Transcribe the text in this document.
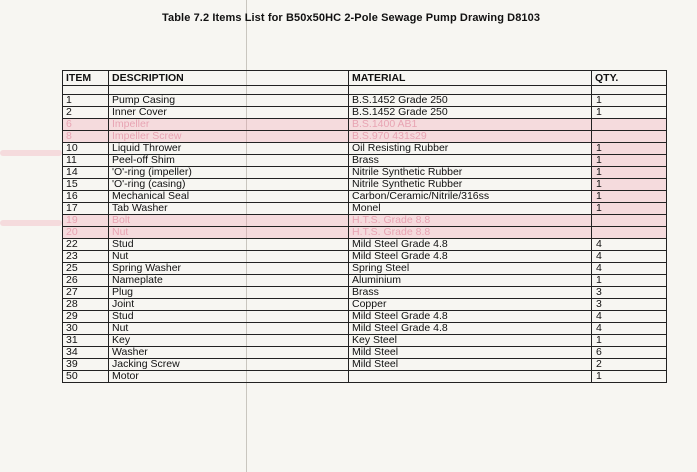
Table 7.2 Items List for B50x50HC 2-Pole Sewage Pump Drawing D8103
ITEM	DESCRIPTION	MATERIAL	QTY.

1	Pump Casing	B.S.1452 Grade 250	1
2	Inner Cover	B.S.1452 Grade 250	1
6	Impeller	B.S.1400 AB1	
8	Impeller Screw	B.S.970 431s29	
10	Liquid Thrower	Oil Resisting Rubber	1
11	Peel-off Shim	Brass	1
14	'O'-ring (impeller)	Nitrile Synthetic Rubber	1
15	'O'-ring (casing)	Nitrile Synthetic Rubber	1
16	Mechanical Seal	Carbon/Ceramic/Nitrile/316ss	1
17	Tab Washer	Monel	1
19	Bolt	H.T.S. Grade 8.8	
20	Nut	H.T.S. Grade 8.8	
22	Stud	Mild Steel Grade 4.8	4
23	Nut	Mild Steel Grade 4.8	4
25	Spring Washer	Spring Steel	4
26	Nameplate	Aluminium	1
27	Plug	Brass	3
28	Joint	Copper	3
29	Stud	Mild Steel Grade 4.8	4
30	Nut	Mild Steel Grade 4.8	4
31	Key	Key Steel	1
34	Washer	Mild Steel	6
39	Jacking Screw	Mild Steel	2
50	Motor		1
